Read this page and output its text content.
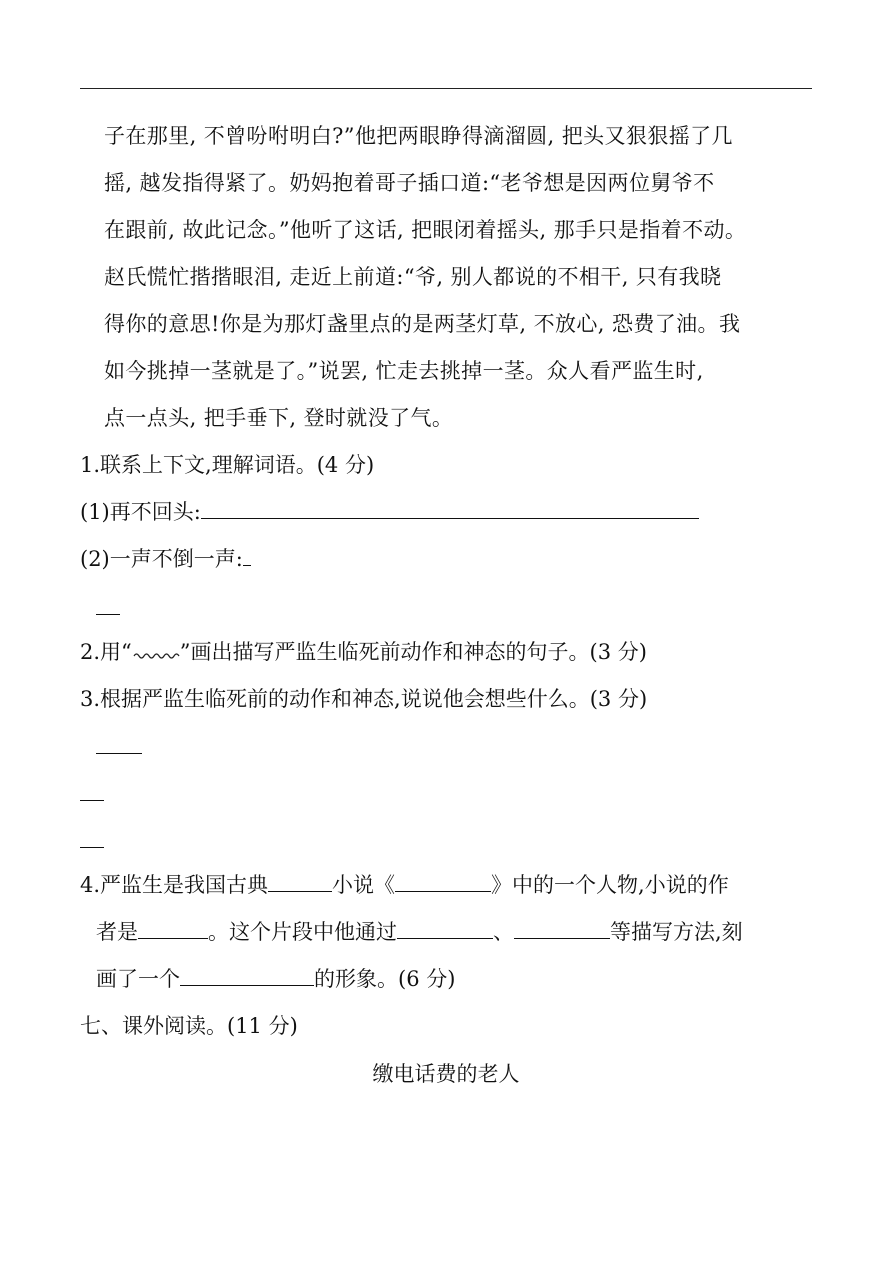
子在那里, 不曾吩咐明白?”他把两眼睁得滴溜圆, 把头又狠狠摇了几
摇, 越发指得紧了。奶妈抱着哥子插口道:“老爷想是因两位舅爷不
在跟前, 故此记念。”他听了这话, 把眼闭着摇头, 那手只是指着不动。
赵氏慌忙揩揩眼泪, 走近上前道:“爷, 别人都说的不相干, 只有我晓
得你的意思!你是为那灯盏里点的是两茎灯草, 不放心, 恐费了油。我
如今挑掉一茎就是了。”说罢, 忙走去挑掉一茎。众人看严监生时,
点一点头, 把手垂下, 登时就没了气。
1.联系上下文,理解词语。(4 分)
(1)再不回头:
(2)一声不倒一声:
2.用“ ”画出描写严监生临死前动作和神态的句子。(3 分)
3.根据严监生临死前的动作和神态,说说他会想些什么。(3 分)
4.严监生是我国古典	小说《	》中的一个人物,小说的作
者是	。这个片段中他通过	、	等描写方法,刻
画了一个	的形象。(6 分)
七、课外阅读。(11 分)
缴电话费的老人
